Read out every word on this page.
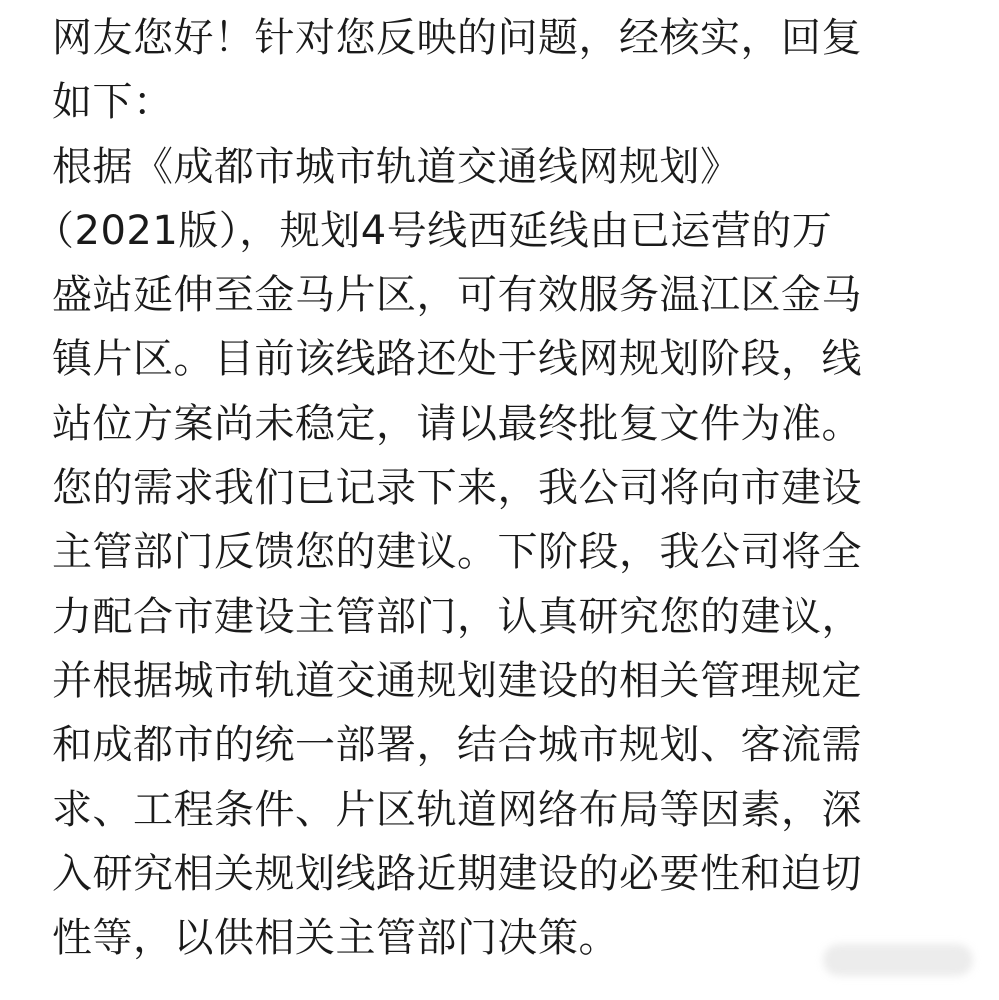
网友您好！针对您反映的问题，经核实，回复
如下：
根据《成都市城市轨道交通线网规划》
（2021版），规划4号线西延线由已运营的万
盛站延伸至金马片区，可有效服务温江区金马
镇片区。目前该线路还处于线网规划阶段，线
站位方案尚未稳定，请以最终批复文件为准。
您的需求我们已记录下来，我公司将向市建设
主管部门反馈您的建议。下阶段，我公司将全
力配合市建设主管部门，认真研究您的建议，
并根据城市轨道交通规划建设的相关管理规定
和成都市的统一部署，结合城市规划、客流需
求、工程条件、片区轨道网络布局等因素，深
入研究相关规划线路近期建设的必要性和迫切
性等，以供相关主管部门决策。
